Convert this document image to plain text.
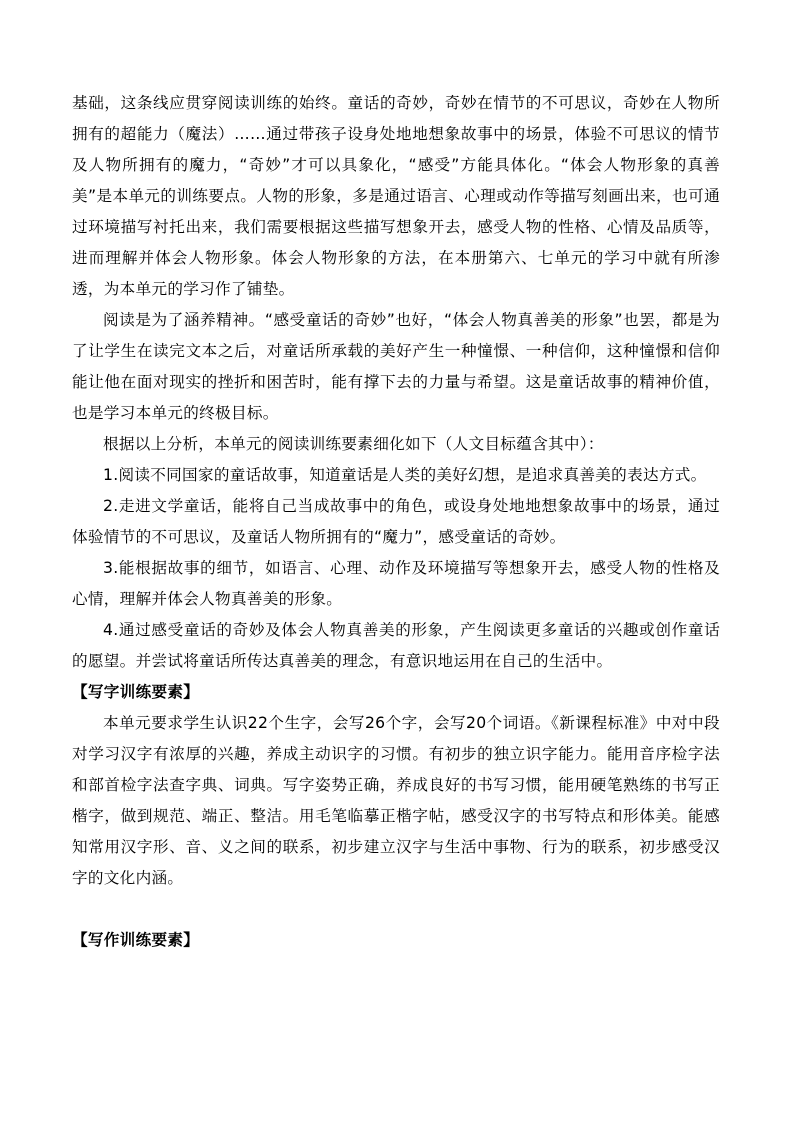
基础，这条线应贯穿阅读训练的始终。童话的奇妙，奇妙在情节的不可思议，奇妙在人物所拥有的超能力（魔法）……通过带孩子设身处地地想象故事中的场景，体验不可思议的情节及人物所拥有的魔力，“奇妙”才可以具象化，“感受”方能具体化。“体会人物形象的真善美”是本单元的训练要点。人物的形象，多是通过语言、心理或动作等描写刻画出来，也可通过环境描写衬托出来，我们需要根据这些描写想象开去，感受人物的性格、心情及品质等，进而理解并体会人物形象。体会人物形象的方法，在本册第六、七单元的学习中就有所渗透，为本单元的学习作了铺垫。

阅读是为了涵养精神。“感受童话的奇妙”也好，“体会人物真善美的形象”也罢，都是为了让学生在读完文本之后，对童话所承载的美好产生一种憧憬、一种信仰，这种憧憬和信仰能让他在面对现实的挫折和困苦时，能有撑下去的力量与希望。这是童话故事的精神价值，也是学习本单元的终极目标。

根据以上分析，本单元的阅读训练要素细化如下（人文目标蕴含其中）：

1.阅读不同国家的童话故事，知道童话是人类的美好幻想，是追求真善美的表达方式。

2.走进文学童话，能将自己当成故事中的角色，或设身处地地想象故事中的场景，通过体验情节的不可思议，及童话人物所拥有的“魔力”，感受童话的奇妙。

3.能根据故事的细节，如语言、心理、动作及环境描写等想象开去，感受人物的性格及心情，理解并体会人物真善美的形象。

4.通过感受童话的奇妙及体会人物真善美的形象，产生阅读更多童话的兴趣或创作童话的愿望。并尝试将童话所传达真善美的理念，有意识地运用在自己的生活中。

【写字训练要素】

本单元要求学生认识22个生字，会写26个字，会写20个词语。《新课程标准》中对中段对学习汉字有浓厚的兴趣，养成主动识字的习惯。有初步的独立识字能力。能用音序检字法和部首检字法查字典、词典。写字姿势正确，养成良好的书写习惯，能用硬笔熟练的书写正楷字，做到规范、端正、整洁。用毛笔临摹正楷字帖，感受汉字的书写特点和形体美。能感知常用汉字形、音、义之间的联系，初步建立汉字与生活中事物、行为的联系，初步感受汉字的文化内涵。

【写作训练要素】
